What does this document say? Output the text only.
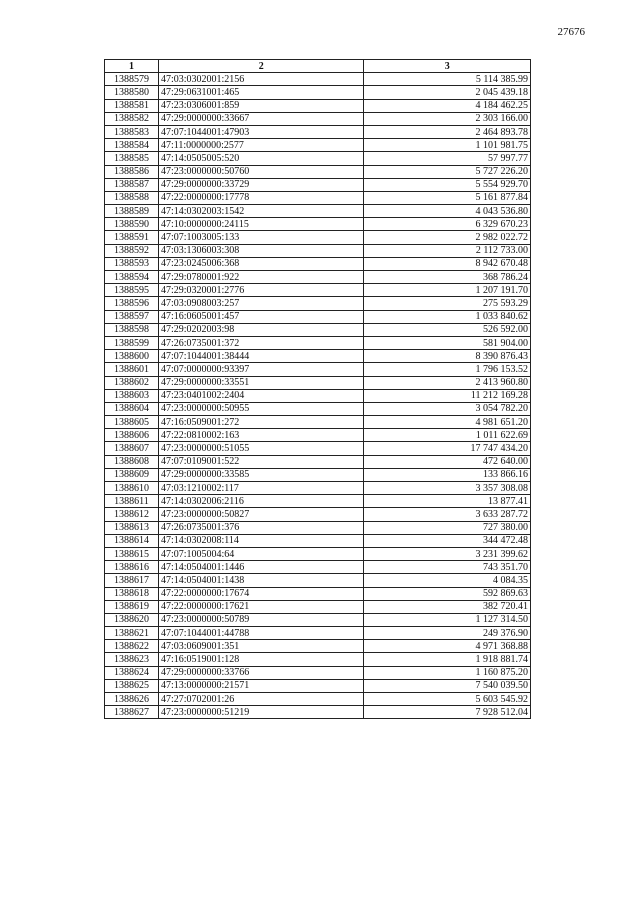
27676
1	2	3
1388579	47:03:0302001:2156	5 114 385.99
1388580	47:29:0631001:465	2 045 439.18
1388581	47:23:0306001:859	4 184 462.25
1388582	47:29:0000000:33667	2 303 166.00
1388583	47:07:1044001:47903	2 464 893.78
1388584	47:11:0000000:2577	1 101 981.75
1388585	47:14:0505005:520	57 997.77
1388586	47:23:0000000:50760	5 727 226.20
1388587	47:29:0000000:33729	5 554 929.70
1388588	47:22:0000000:17778	5 161 877.84
1388589	47:14:0302003:1542	4 043 536.80
1388590	47:10:0000000:24115	6 329 670.23
1388591	47:07:1003005:133	2 982 022.72
1388592	47:03:1306003:308	2 112 733.00
1388593	47:23:0245006:368	8 942 670.48
1388594	47:29:0780001:922	368 786.24
1388595	47:29:0320001:2776	1 207 191.70
1388596	47:03:0908003:257	275 593.29
1388597	47:16:0605001:457	1 033 840.62
1388598	47:29:0202003:98	526 592.00
1388599	47:26:0735001:372	581 904.00
1388600	47:07:1044001:38444	8 390 876.43
1388601	47:07:0000000:93397	1 796 153.52
1388602	47:29:0000000:33551	2 413 960.80
1388603	47:23:0401002:2404	11 212 169.28
1388604	47:23:0000000:50955	3 054 782.20
1388605	47:16:0509001:272	4 981 651.20
1388606	47:22:0810002:163	1 011 622.69
1388607	47:23:0000000:51055	17 747 434.20
1388608	47:07:0109001:522	472 640.00
1388609	47:29:0000000:33585	133 866.16
1388610	47:03:1210002:117	3 357 308.08
1388611	47:14:0302006:2116	13 877.41
1388612	47:23:0000000:50827	3 633 287.72
1388613	47:26:0735001:376	727 380.00
1388614	47:14:0302008:114	344 472.48
1388615	47:07:1005004:64	3 231 399.62
1388616	47:14:0504001:1446	743 351.70
1388617	47:14:0504001:1438	4 084.35
1388618	47:22:0000000:17674	592 869.63
1388619	47:22:0000000:17621	382 720.41
1388620	47:23:0000000:50789	1 127 314.50
1388621	47:07:1044001:44788	249 376.90
1388622	47:03:0609001:351	4 971 368.88
1388623	47:16:0519001:128	1 918 881.74
1388624	47:29:0000000:33766	1 160 875.20
1388625	47:13:0000000:21571	7 540 039.50
1388626	47:27:0702001:26	5 603 545.92
1388627	47:23:0000000:51219	7 928 512.04
